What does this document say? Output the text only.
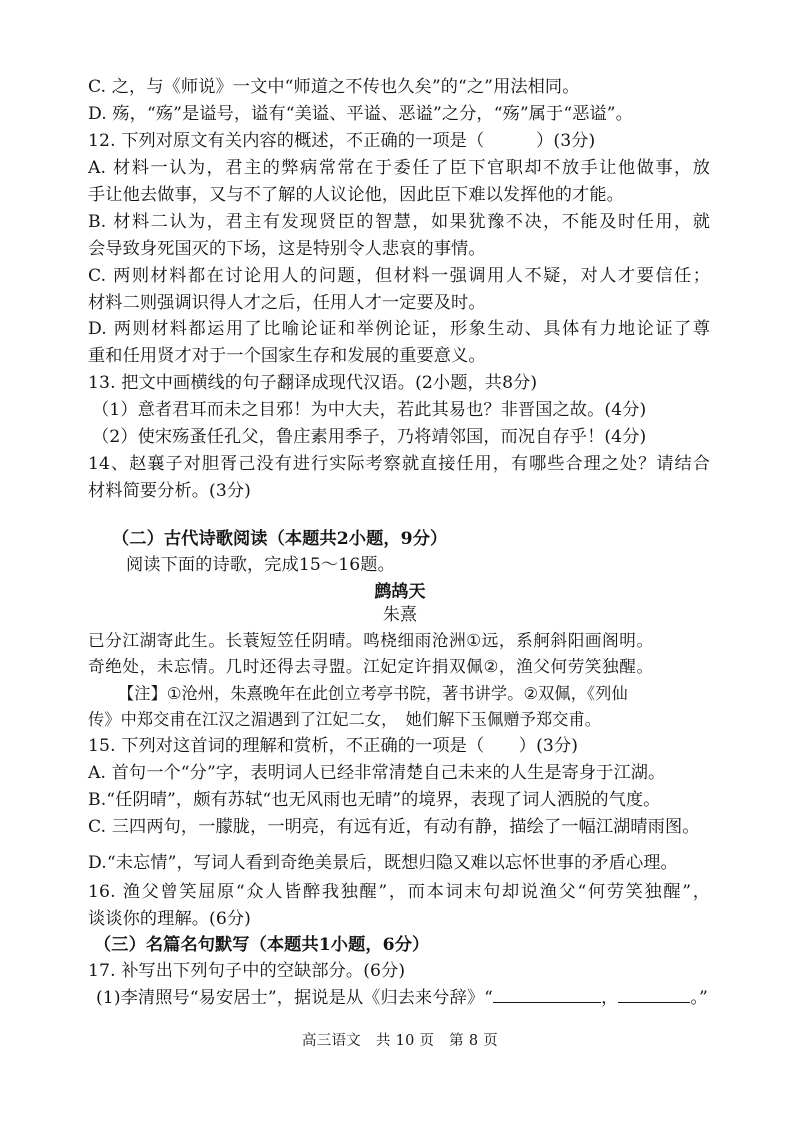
C. 之，与《师说》一文中“师道之不传也久矣”的“之”用法相同。
D. 殇，“殇”是谥号，谥有“美谥、平谥、恶谥”之分，“殇”属于“恶谥”。
12. 下列对原文有关内容的概述，不正确的一项是（　　　）(3分)
A. 材料一认为，君主的弊病常常在于委任了臣下官职却不放手让他做事，放
手让他去做事，又与不了解的人议论他，因此臣下难以发挥他的才能。
B. 材料二认为，君主有发现贤臣的智慧，如果犹豫不决，不能及时任用，就
会导致身死国灭的下场，这是特别令人悲哀的事情。
C. 两则材料都在讨论用人的问题，但材料一强调用人不疑，对人才要信任；
材料二则强调识得人才之后，任用人才一定要及时。
D. 两则材料都运用了比喻论证和举例论证，形象生动、具体有力地论证了尊
重和任用贤才对于一个国家生存和发展的重要意义。
13. 把文中画横线的句子翻译成现代汉语。(2小题，共8分)
（1）意者君耳而未之目邪！为中大夫，若此其易也？非晋国之故。(4分)
（2）使宋殇蚤任孔父，鲁庄素用季子，乃将靖邻国，而况自存乎！(4分)
14、赵襄子对胆胥己没有进行实际考察就直接任用，有哪些合理之处？请结合
材料简要分析。(3分)
（二）古代诗歌阅读（本题共2小题，9分）
阅读下面的诗歌，完成15～16题。
鹧鸪天
朱熹
已分江湖寄此生。长蓑短笠任阴晴。鸣桡细雨沧洲①远，系舸斜阳画阁明。
奇绝处，未忘情。几时还得去寻盟。江妃定许捐双佩②，渔父何劳笑独醒。
【注】①沧州，朱熹晚年在此创立考亭书院，著书讲学。②双佩，《列仙
传》中郑交甫在江汉之湄遇到了江妃二女，　她们解下玉佩赠予郑交甫。
15. 下列对这首词的理解和赏析，不正确的一项是（　　）(3分)
A. 首句一个“分”字，表明词人已经非常清楚自己未来的人生是寄身于江湖。
B.“任阴晴”，颇有苏轼“也无风雨也无晴”的境界，表现了词人洒脱的气度。
C. 三四两句，一朦胧，一明亮，有远有近，有动有静，描绘了一幅江湖晴雨图。
D.“未忘情”，写词人看到奇绝美景后，既想归隐又难以忘怀世事的矛盾心理。
16. 渔父曾笑屈原“众人皆醉我独醒”，而本词末句却说渔父“何劳笑独醒”，
谈谈你的理解。(6分)
（三）名篇名句默写（本题共1小题，6分）
17. 补写出下列句子中的空缺部分。(6分)
(1)李清照号“易安居士”，据说是从《归去来兮辞》“	，	。”
高三语文　共 10 页　第 8 页
